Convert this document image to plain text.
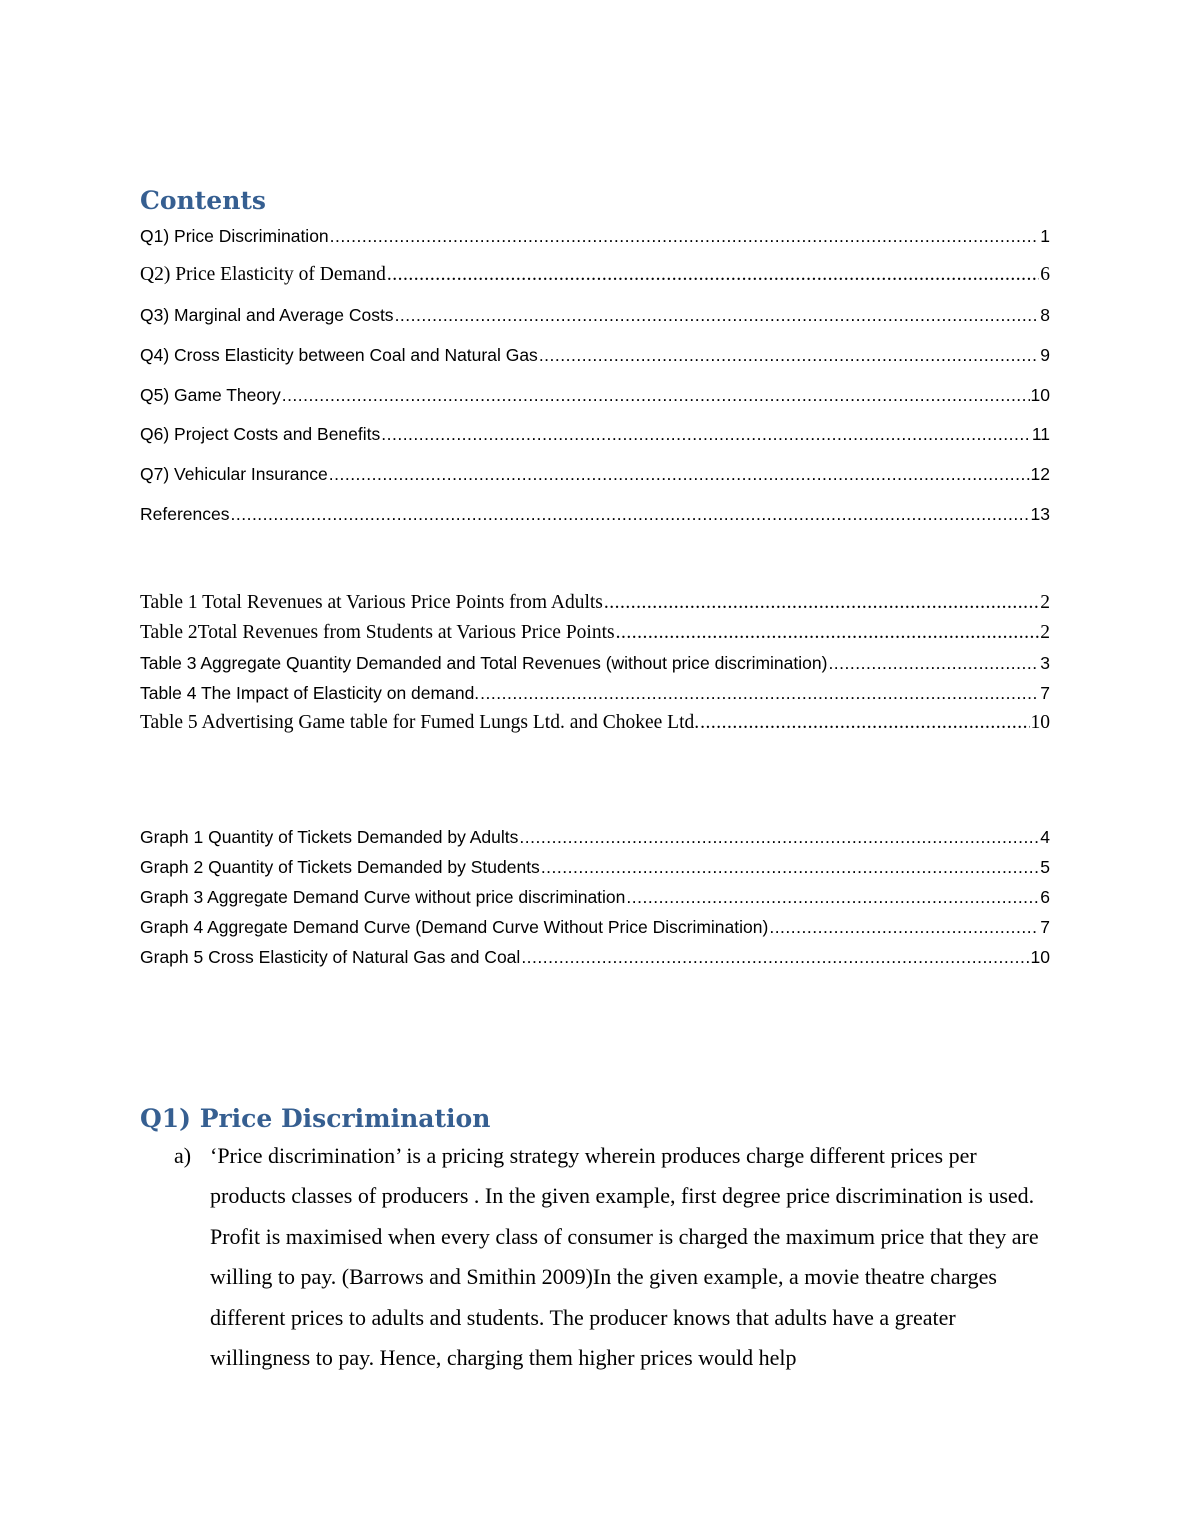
Contents
Q1) Price Discrimination .....	1
Q2) Price Elasticity of Demand .....	6
Q3) Marginal and Average Costs .....	8
Q4) Cross Elasticity between Coal and Natural Gas .....	9
Q5) Game Theory .....	10
Q6) Project Costs and Benefits .....	11
Q7) Vehicular Insurance .....	12
References .....	13
Table 1 Total Revenues at Various Price Points from Adults .....	2
Table 2Total Revenues from Students at Various Price Points .....	2
Table 3 Aggregate Quantity Demanded and Total Revenues (without price discrimination) .....	3
Table 4 The Impact of Elasticity on demand. .....	7
Table 5 Advertising Game table for Fumed Lungs Ltd. and Chokee Ltd. .....	10
Graph 1 Quantity of Tickets Demanded by Adults .....	4
Graph 2 Quantity of Tickets Demanded by Students .....	5
Graph 3 Aggregate Demand Curve without price discrimination .....	6
Graph 4 Aggregate Demand Curve (Demand Curve Without Price Discrimination) .....	7
Graph 5 Cross Elasticity of Natural Gas and Coal .....	10
Q1) Price Discrimination
a) ‘Price discrimination’ is a pricing strategy wherein produces charge different prices per products classes of producers . In the given example, first degree price discrimination is used. Profit is maximised when every class of consumer is charged the maximum price that they are willing to pay. (Barrows and Smithin 2009)In the given example, a movie theatre charges different prices to adults and students. The producer knows that adults have a greater willingness to pay. Hence, charging them higher prices would help
